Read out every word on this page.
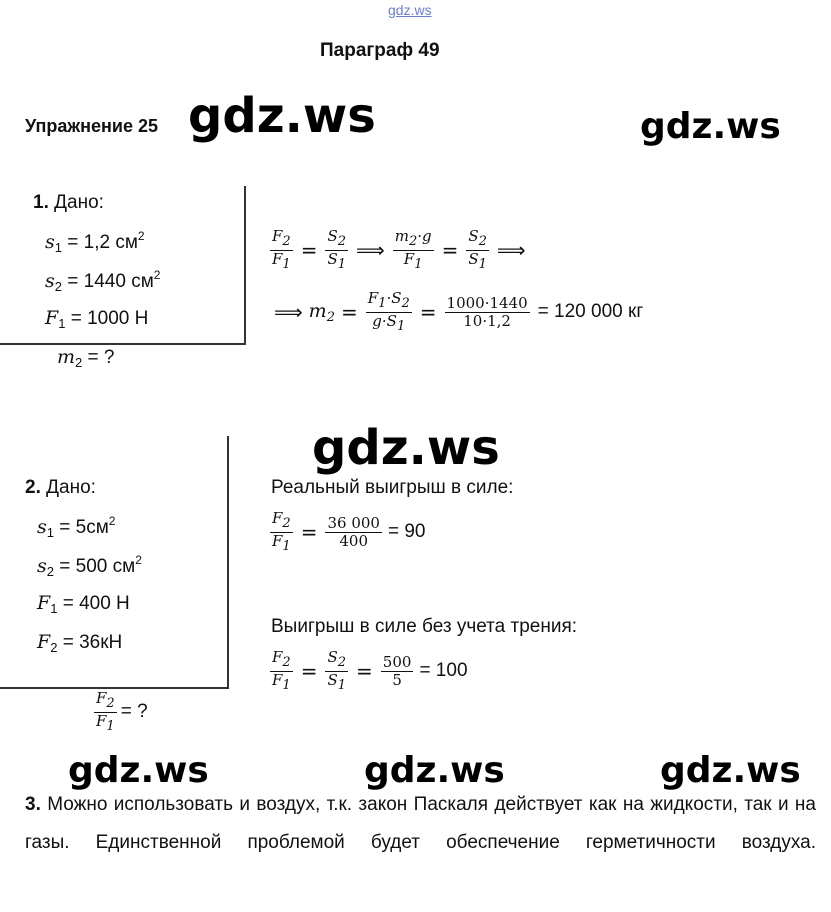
gdz.ws
Параграф 49
Упражнение 25 gdz.ws	gdz.ws
gdz.ws
gdz.ws	gdz.ws	gdz.ws
1. Дано:
$s_1 = 1,2$ $см^2$
$s_2 = 1440$ $см^2$
$F_1 = 1000$ Н
$m_2$ = ?
$\frac{F2}{F1} = \frac{S2}{S1}$ ⟹ $\frac{m2\cdot g}{F1} = \frac{S2}{S1}$ ⟹
⟹ $m_2 = \frac{F1\cdot S2}{g\cdot S1} = \frac{1000\cdot 1440}{10\cdot 1,2} = 120$ 000 кг
2. Дано:
$s_1 = 5см^2$
$s_2 = 500$ $см^2$
$F_1 = 400$ Н
$F_2 = 36кН$
$\frac{F2}{F1}$ = ?
Реальный выигрыш в силе:
$\frac{F2}{F1} = \frac{36 000}{400} = 90$
Выигрыш в силе без учета трения:
$\frac{F2}{F1} = \frac{S2}{S1} = \frac{500}{5} = 100$
3. Можно использовать и воздух, т.к. закон Паскаля действует как на жидкости, так и на газы. Единственной проблемой будет обеспечение герметичности воздуха.
